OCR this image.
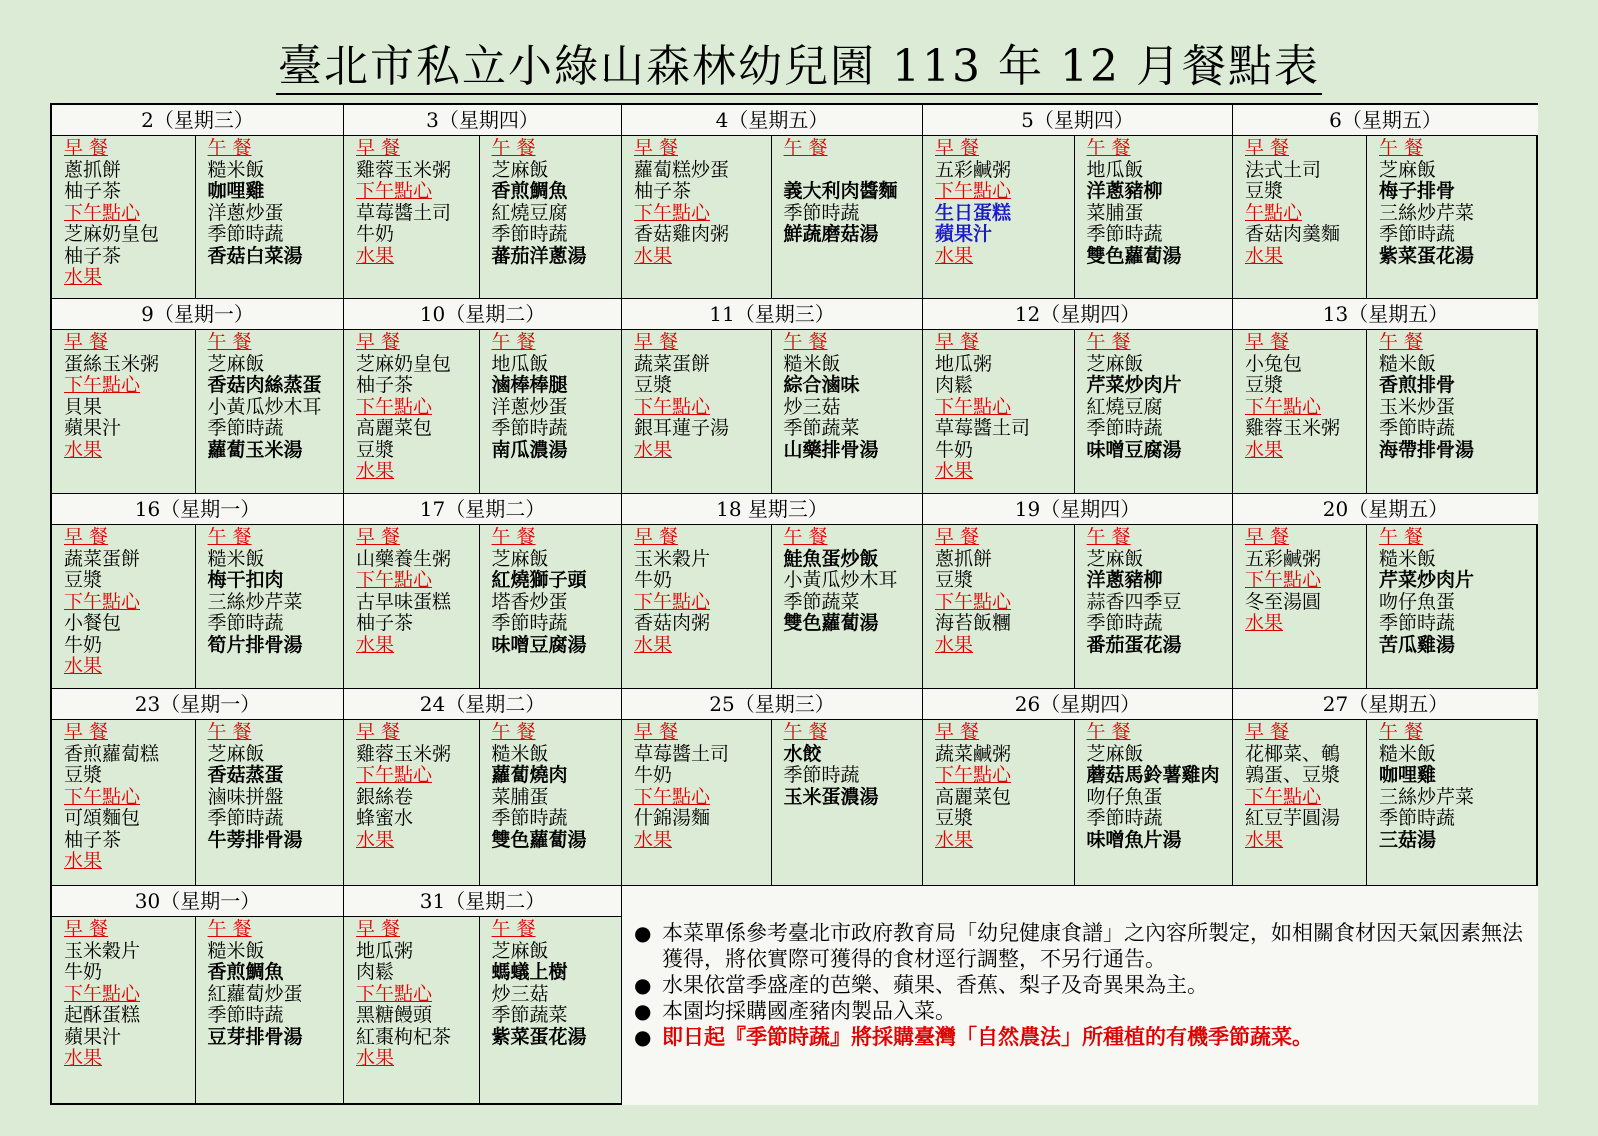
臺北市私立小綠山森林幼兒園 113 年 12 月餐點表
2（星期三）
早 餐
蔥抓餅
柚子茶
下午點心
芝麻奶皇包
柚子茶
水果
午 餐
糙米飯
咖哩雞
洋蔥炒蛋
季節時蔬
香菇白菜湯
3（星期四）
早 餐
雞蓉玉米粥
下午點心
草莓醬土司
牛奶
水果
午 餐
芝麻飯
香煎鯛魚
紅燒豆腐
季節時蔬
蕃茄洋蔥湯
4（星期五）
早 餐
蘿蔔糕炒蛋
柚子茶
下午點心
香菇雞肉粥
水果
午 餐

義大利肉醬麵
季節時蔬
鮮蔬磨菇湯
5（星期四）
早 餐
五彩鹹粥
下午點心
生日蛋糕
蘋果汁
水果
午 餐
地瓜飯
洋蔥豬柳
菜脯蛋
季節時蔬
雙色蘿蔔湯
6（星期五）
早 餐
法式土司
豆漿
午點心
香菇肉羹麵
水果
午 餐
芝麻飯
梅子排骨
三絲炒芹菜
季節時蔬
紫菜蛋花湯
9（星期一）
早 餐
蛋絲玉米粥
下午點心
貝果
蘋果汁
水果
午 餐
芝麻飯
香菇肉絲蒸蛋
小黃瓜炒木耳
季節時蔬
蘿蔔玉米湯
10（星期二）
早 餐
芝麻奶皇包
柚子茶
下午點心
高麗菜包
豆漿
水果
午 餐
地瓜飯
滷棒棒腿
洋蔥炒蛋
季節時蔬
南瓜濃湯
11（星期三）
早 餐
蔬菜蛋餅
豆漿
下午點心
銀耳蓮子湯
水果
午 餐
糙米飯
綜合滷味
炒三菇
季節蔬菜
山藥排骨湯
12（星期四）
早 餐
地瓜粥
肉鬆
下午點心
草莓醬土司
牛奶
水果
午 餐
芝麻飯
芹菜炒肉片
紅燒豆腐
季節時蔬
味噌豆腐湯
13（星期五）
早 餐
小兔包
豆漿
下午點心
雞蓉玉米粥
水果
午 餐
糙米飯
香煎排骨
玉米炒蛋
季節時蔬
海帶排骨湯
16（星期一）
早 餐
蔬菜蛋餅
豆漿
下午點心
小餐包
牛奶
水果
午 餐
糙米飯
梅干扣肉
三絲炒芹菜
季節時蔬
筍片排骨湯
17（星期二）
早 餐
山藥養生粥
下午點心
古早味蛋糕
柚子茶
水果
午 餐
芝麻飯
紅燒獅子頭
塔香炒蛋
季節時蔬
味噌豆腐湯
18 星期三）
早 餐
玉米穀片
牛奶
下午點心
香菇肉粥
水果
午 餐
鮭魚蛋炒飯
小黃瓜炒木耳
季節蔬菜
雙色蘿蔔湯
19（星期四）
早 餐
蔥抓餅
豆漿
下午點心
海苔飯糰
水果
午 餐
芝麻飯
洋蔥豬柳
蒜香四季豆
季節時蔬
番茄蛋花湯
20（星期五）
早 餐
五彩鹹粥
下午點心
冬至湯圓
水果
午 餐
糙米飯
芹菜炒肉片
吻仔魚蛋
季節時蔬
苦瓜雞湯
23（星期一）
早 餐
香煎蘿蔔糕
豆漿
下午點心
可頌麵包
柚子茶
水果
午 餐
芝麻飯
香菇蒸蛋
滷味拼盤
季節時蔬
牛蒡排骨湯
24（星期二）
早 餐
雞蓉玉米粥
下午點心
銀絲卷
蜂蜜水
水果
午 餐
糙米飯
蘿蔔燒肉
菜脯蛋
季節時蔬
雙色蘿蔔湯
25（星期三）
早 餐
草莓醬土司
牛奶
下午點心
什錦湯麵
水果
午 餐
水餃
季節時蔬
玉米蛋濃湯
26（星期四）
早 餐
蔬菜鹹粥
下午點心
高麗菜包
豆漿
水果
午 餐
芝麻飯
蘑菇馬鈴薯雞肉
吻仔魚蛋
季節時蔬
味噌魚片湯
27（星期五）
早 餐
花椰菜、鵪
鶉蛋、豆漿
下午點心
紅豆芋圓湯
水果
午 餐
糙米飯
咖哩雞
三絲炒芹菜
季節時蔬
三菇湯
30（星期一）
早 餐
玉米穀片
牛奶
下午點心
起酥蛋糕
蘋果汁
水果
午 餐
糙米飯
香煎鯛魚
紅蘿蔔炒蛋
季節時蔬
豆芽排骨湯
31（星期二）
早 餐
地瓜粥
肉鬆
下午點心
黑糖饅頭
紅棗枸杞茶
水果
午 餐
芝麻飯
螞蟻上樹
炒三菇
季節蔬菜
紫菜蛋花湯
● 本菜單係參考臺北市政府教育局「幼兒健康食譜」之內容所製定，如相關食材因天氣因素無法獲得，將依實際可獲得的食材逕行調整，不另行通告。
● 水果依當季盛產的芭樂、蘋果、香蕉、梨子及奇異果為主。
● 本園均採購國產豬肉製品入菜。
● 即日起『季節時蔬』將採購臺灣「自然農法」所種植的有機季節蔬菜。
